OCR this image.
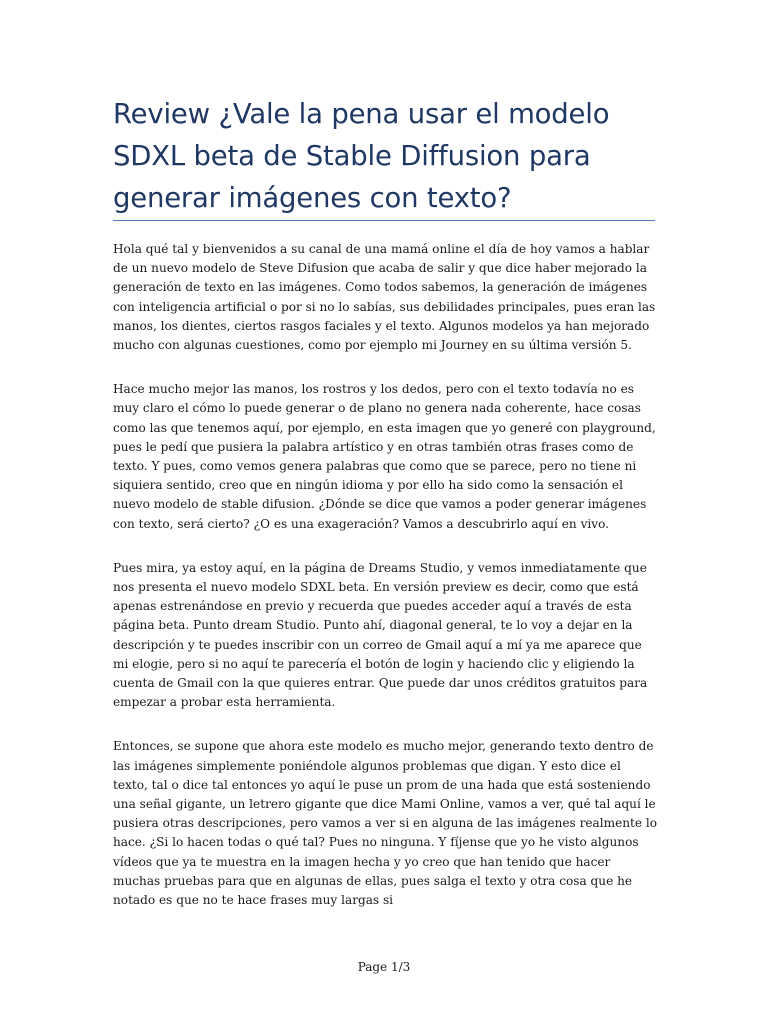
Review ¿Vale la pena usar el modelo SDXL beta de Stable Diffusion para generar imágenes con texto?

Hola qué tal y bienvenidos a su canal de una mamá online el día de hoy vamos a hablar de un nuevo modelo de Steve Difusion que acaba de salir y que dice haber mejorado la generación de texto en las imágenes. Como todos sabemos, la generación de imágenes con inteligencia artificial o por si no lo sabías, sus debilidades principales, pues eran las manos, los dientes, ciertos rasgos faciales y el texto. Algunos modelos ya han mejorado mucho con algunas cuestiones, como por ejemplo mi Journey en su última versión 5.

Hace mucho mejor las manos, los rostros y los dedos, pero con el texto todavía no es muy claro el cómo lo puede generar o de plano no genera nada coherente, hace cosas como las que tenemos aquí, por ejemplo, en esta imagen que yo generé con playground, pues le pedí que pusiera la palabra artístico y en otras también otras frases como de texto. Y pues, como vemos genera palabras que como que se parece, pero no tiene ni siquiera sentido, creo que en ningún idioma y por ello ha sido como la sensación el nuevo modelo de stable difusion. ¿Dónde se dice que vamos a poder generar imágenes con texto, será cierto? ¿O es una exageración? Vamos a descubrirlo aquí en vivo.

Pues mira, ya estoy aquí, en la página de Dreams Studio, y vemos inmediatamente que nos presenta el nuevo modelo SDXL beta. En versión preview es decir, como que está apenas estrenándose en previo y recuerda que puedes acceder aquí a través de esta página beta. Punto dream Studio. Punto ahí, diagonal general, te lo voy a dejar en la descripción y te puedes inscribir con un correo de Gmail aquí a mí ya me aparece que mi elogie, pero si no aquí te parecería el botón de login y haciendo clic y eligiendo la cuenta de Gmail con la que quieres entrar. Que puede dar unos créditos gratuitos para empezar a probar esta herramienta.

Entonces, se supone que ahora este modelo es mucho mejor, generando texto dentro de las imágenes simplemente poniéndole algunos problemas que digan. Y esto dice el texto, tal o dice tal entonces yo aquí le puse un prom de una hada que está sosteniendo una señal gigante, un letrero gigante que dice Mami Online, vamos a ver, qué tal aquí le pusiera otras descripciones, pero vamos a ver si en alguna de las imágenes realmente lo hace. ¿Si lo hacen todas o qué tal? Pues no ninguna. Y fíjense que yo he visto algunos vídeos que ya te muestra en la imagen hecha y yo creo que han tenido que hacer muchas pruebas para que en algunas de ellas, pues salga el texto y otra cosa que he notado es que no te hace frases muy largas si

Page 1/3
